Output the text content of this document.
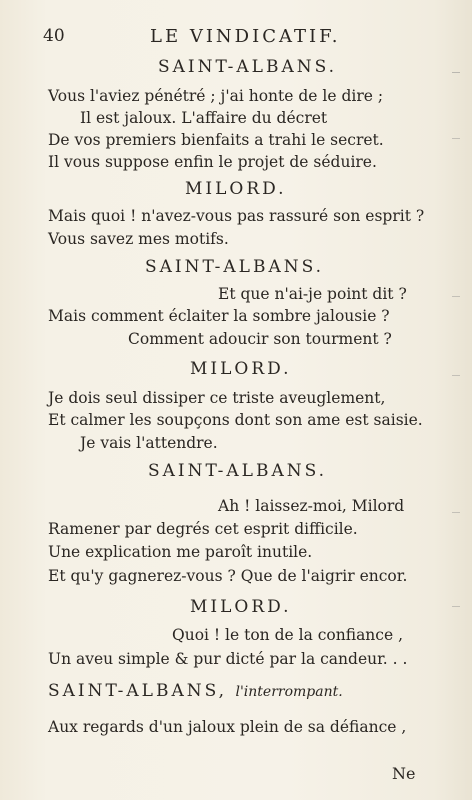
40	LE VINDICATIF.
SAINT-ALBANS.
Vous l'aviez pénétré ; j'ai honte de le dire ;
Il est jaloux. L'affaire du décret
De vos premiers bienfaits a trahi le secret.
Il vous suppose enfin le projet de séduire.
MILORD.
Mais quoi ! n'avez-vous pas rassuré son esprit ?
Vous savez mes motifs.
SAINT-ALBANS.
Et que n'ai-je point dit ?
Mais comment éclaiter la sombre jalousie ?
Comment adoucir son tourment ?
MILORD.
Je dois seul dissiper ce triste aveuglement,
Et calmer les soupçons dont son ame est saisie.
Je vais l'attendre.
SAINT-ALBANS.
Ah ! laissez-moi, Milord
Ramener par degrés cet esprit difficile.
Une explication me paroît inutile.
Et qu'y gagnerez-vous ? Que de l'aigrir encor.
MILORD.
Quoi ! le ton de la confiance ,
Un aveu simple & pur dicté par la candeur. . .
SAINT-ALBANS, l'interrompant.
Aux regards d'un jaloux plein de sa défiance ,
Ne
